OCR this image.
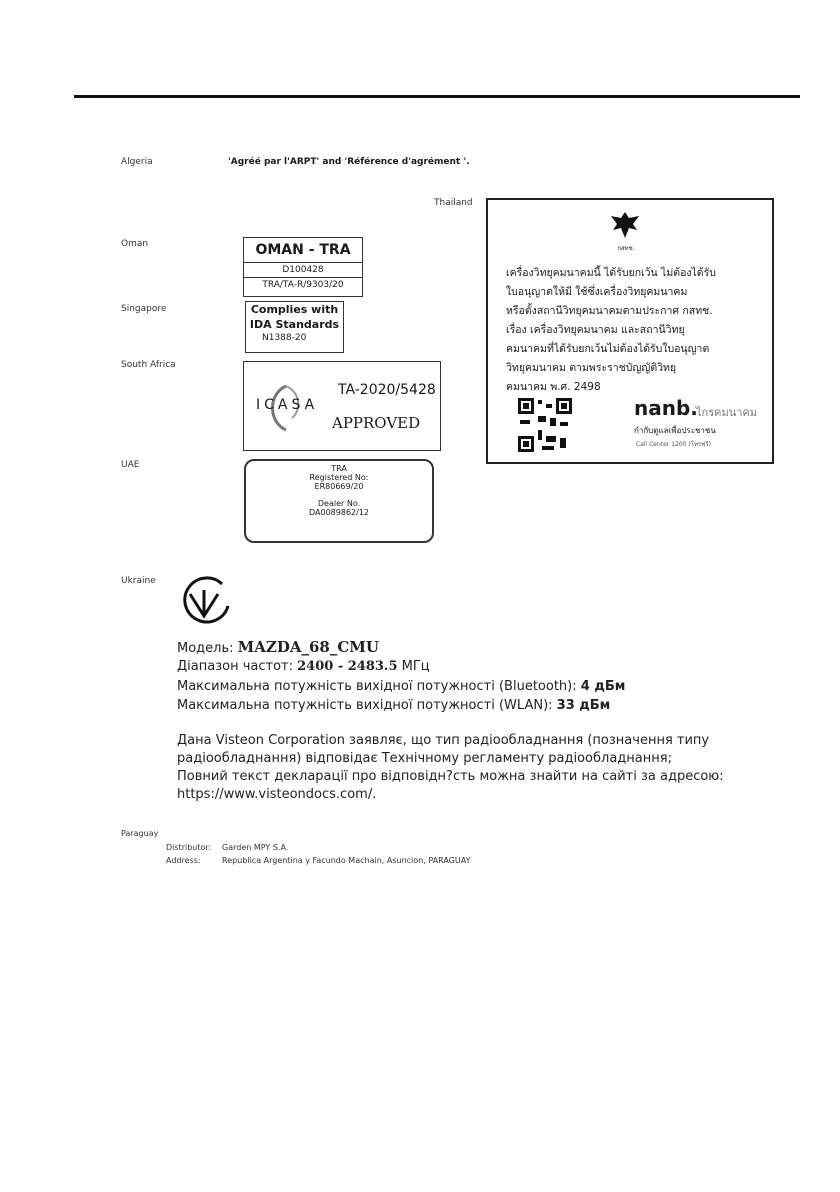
Algeria	'Agréé par l'ARPT' and 'Référence d'agrément '.
Thailand
กสทช.
เครื่องวิทยุคมนาคมนี้ ได้รับยกเว้น ไม่ต้องได้รับ
ใบอนุญาตให้มี ใช้ซึ่งเครื่องวิทยุคมนาคม
หรือตั้งสถานีวิทยุคมนาคมตามประกาศ กสทช.
เรื่อง เครื่องวิทยุคมนาคม และสถานีวิทยุ
คมนาคมที่ได้รับยกเว้นไม่ต้องได้รับใบอนุญาต
วิทยุคมนาคม ตามพระราชบัญญัติวิทยุ
คมนาคม พ.ศ. 2498
nanb.
ไกรคมนาคม
กำกับดูแลเพื่อประชาชน
Call Center 1200 (โทรฟรี)
Oman	OMAN - TRA
D100428
TRA/TA-R/9303/20
Singapore	Complies with
IDA Standards
N1388-20
South Africa
ICASA
TA-2020/5428
APPROVED
UAE	TRA
Registered No:
ER80669/20
Dealer No.
DA0089862/12
Ukraine
Модель: MAZDA_68_CMU
Діапазон частот: 2400 - 2483.5 МГц
Максимальна потужність вихідної потужності (Bluetooth): 4 дБм
Максимальна потужність вихідної потужності (WLAN): 33 дБм
Дана Visteon Corporation заявляє, що тип радіообладнання (позначення типу
радіообладнання) відповідає Технічному регламенту радіообладнання;
Повний текст декларації про відповідн?сть можна знайти на сайті за адресою:
https://www.visteondocs.com/.
Paraguay
Distributor: Garden MPY S.A.
Address:	Republica Argentina y Facundo Machain, Asuncion, PARAGUAY
